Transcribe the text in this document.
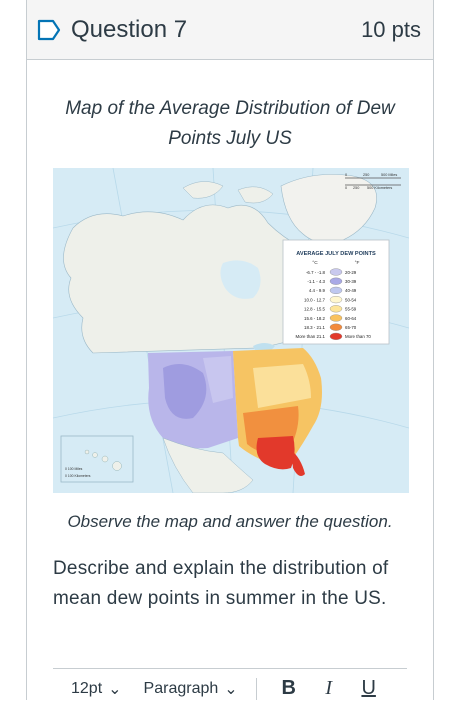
Question 7	10 pts
Map of the Average Distribution of Dew Points July US
0 100 Miles
0 100 Kilometers
0	250	500 Miles
0 250 500 Kilometers
AVERAGE JULY DEW POINTS
°C	°F
-6.7 - -1.8	20-29
-1.1 - 4.3	30-39
4.4 - 9.9	40-49
10.0 - 12.7	50-54
12.8 - 15.5	55-59
15.6 - 18.2	60-64
18.3 - 21.1	65-70
More than 21.1	More than 70
Observe the map and answer the question.
Describe and explain the distribution of mean dew points in summer in the US.
12pt ⌄ Paragraph ⌄	B	I	U
